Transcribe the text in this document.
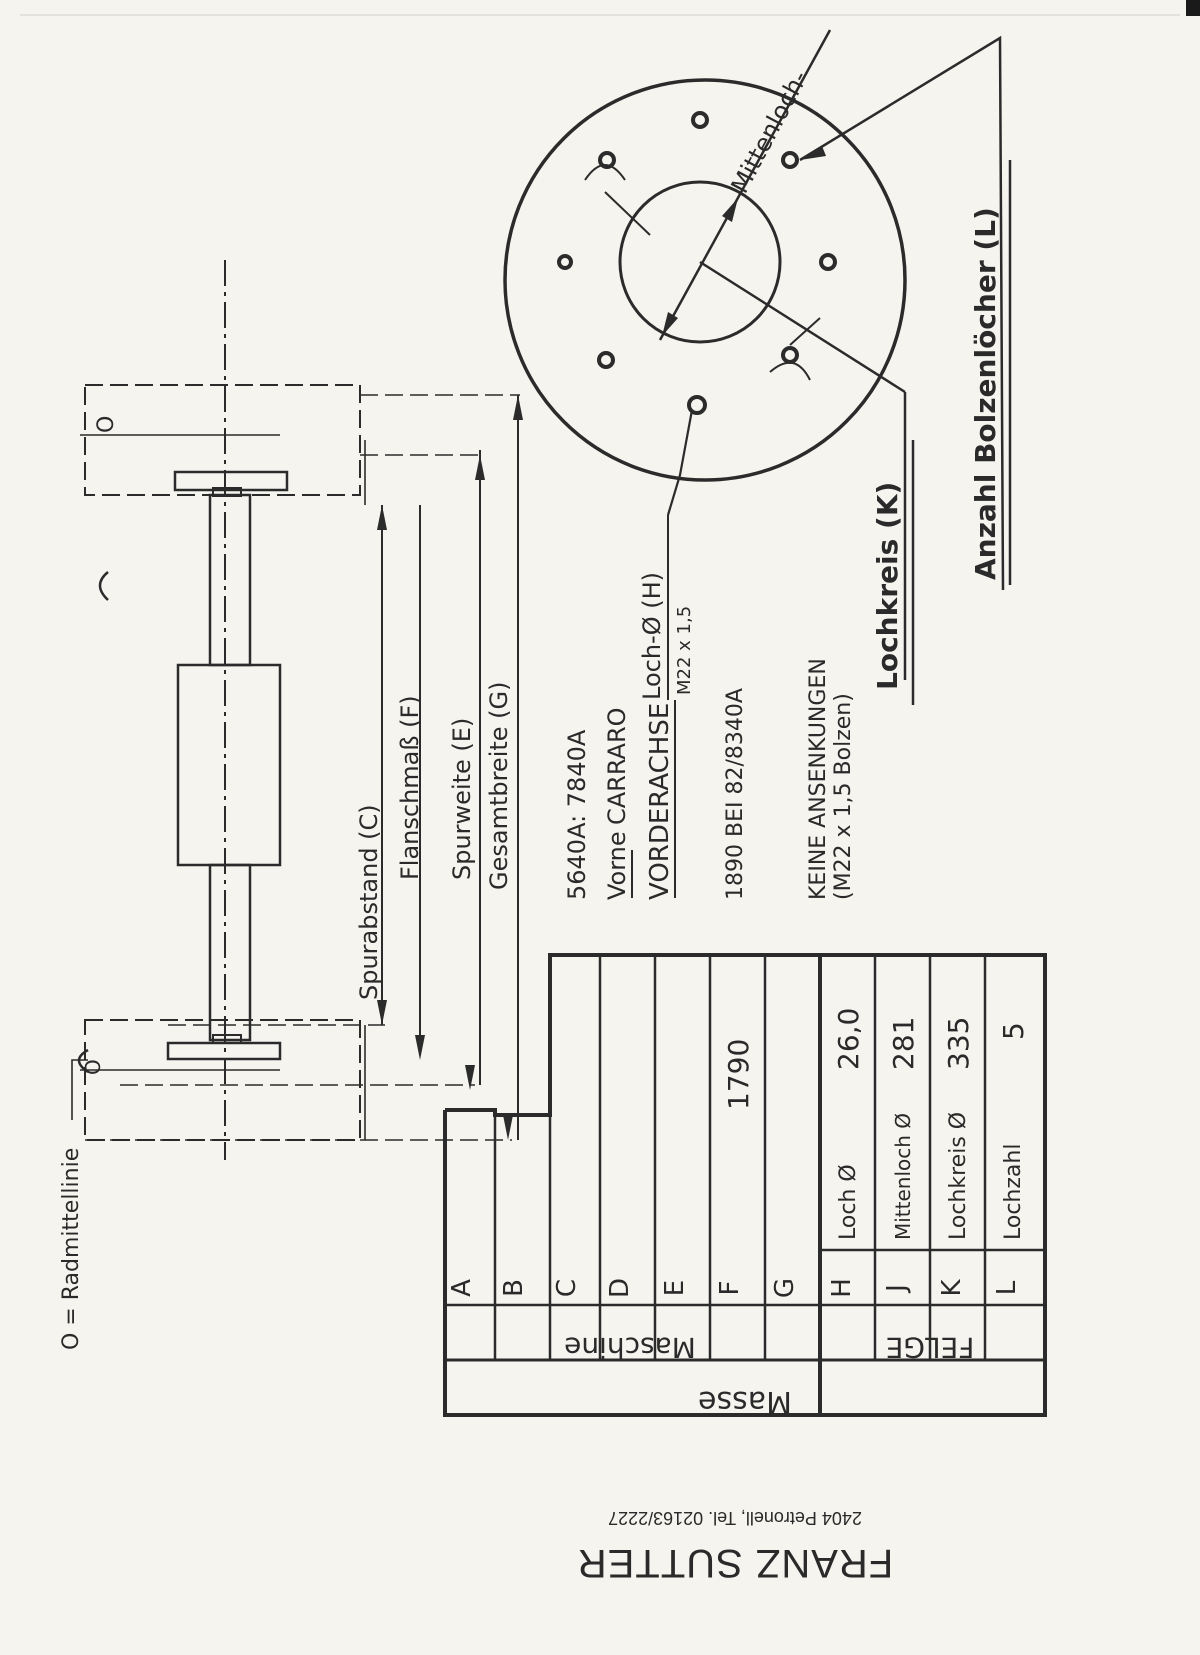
O
O
O = Radmittellinie
Spurabstand (C)
Flanschmaß (F) Spurweite (E) Gesamtbreite (G)
Mittenloch-
Lochkreis (K)
Anzahl Bolzenlöcher (L)
Loch-Ø (H) M22 x 1,5
5640A: 7840A Vorne
CARRARO VORDERACHSE 1890 BEI 82/8340A	KEINE ANSENKUNGEN (M22 x 1,5 Bolzen)
Masse
Maschine	FELGE
A B C D E F G
1790
H J K L
Loch Ø Mittenloch Ø Lochkreis Ø Lochzahl
26,0 281 335 5
FRANZ SUTTER
2404 Petronell, Tel. 02163/2227
